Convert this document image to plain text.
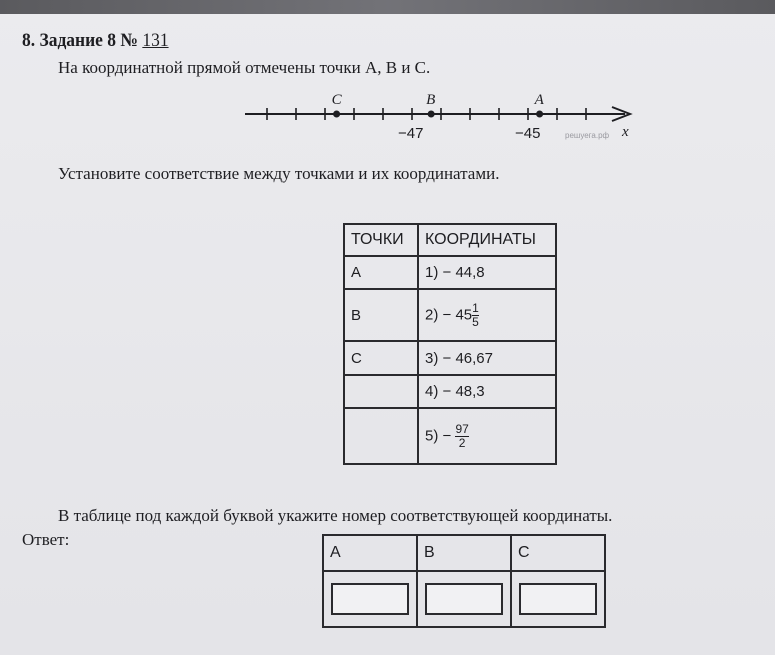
8. Задание 8 № 131
На координатной прямой отмечены точки A, B и C.
C	B	A
−47	−45	решуега.рф x
Установите соответствие между точками и их координатами.
ТОЧКИ	КООРДИНАТЫ
A	1) − 44,8
B	$2) - 45 \frac{1}{5}$

C	3) − 46,67
	4) − 48,3
	$5) - \frac{97}{2}$
В таблице под каждой буквой укажите номер соответствующей координаты.
Ответ:
A	B	C
